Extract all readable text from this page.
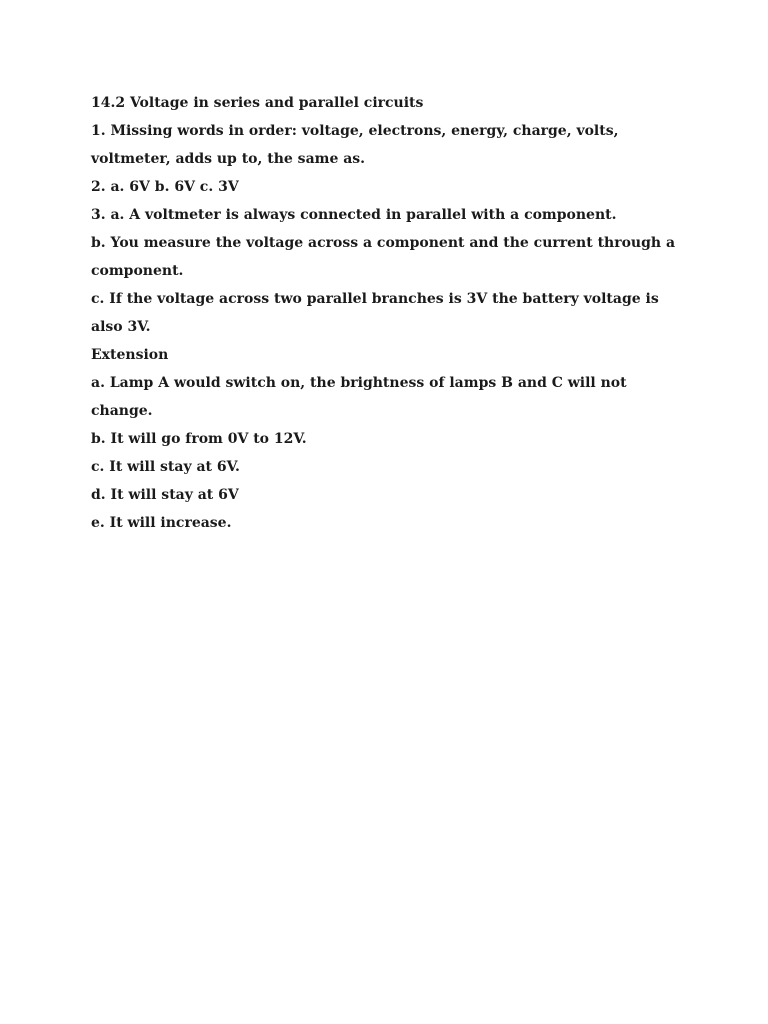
14.2 Voltage in series and parallel circuits

1. Missing words in order: voltage, electrons, energy, charge, volts, voltmeter, adds up to, the same as.

2. a. 6V b. 6V c. 3V

3. a. A voltmeter is always connected in parallel with a component.

b. You measure the voltage across a component and the current through a component.

c. If the voltage across two parallel branches is 3V the battery voltage is also 3V.

Extension

a. Lamp A would switch on, the brightness of lamps B and C will not change.

b. It will go from 0V to 12V.

c. It will stay at 6V.

d. It will stay at 6V

e. It will increase.
